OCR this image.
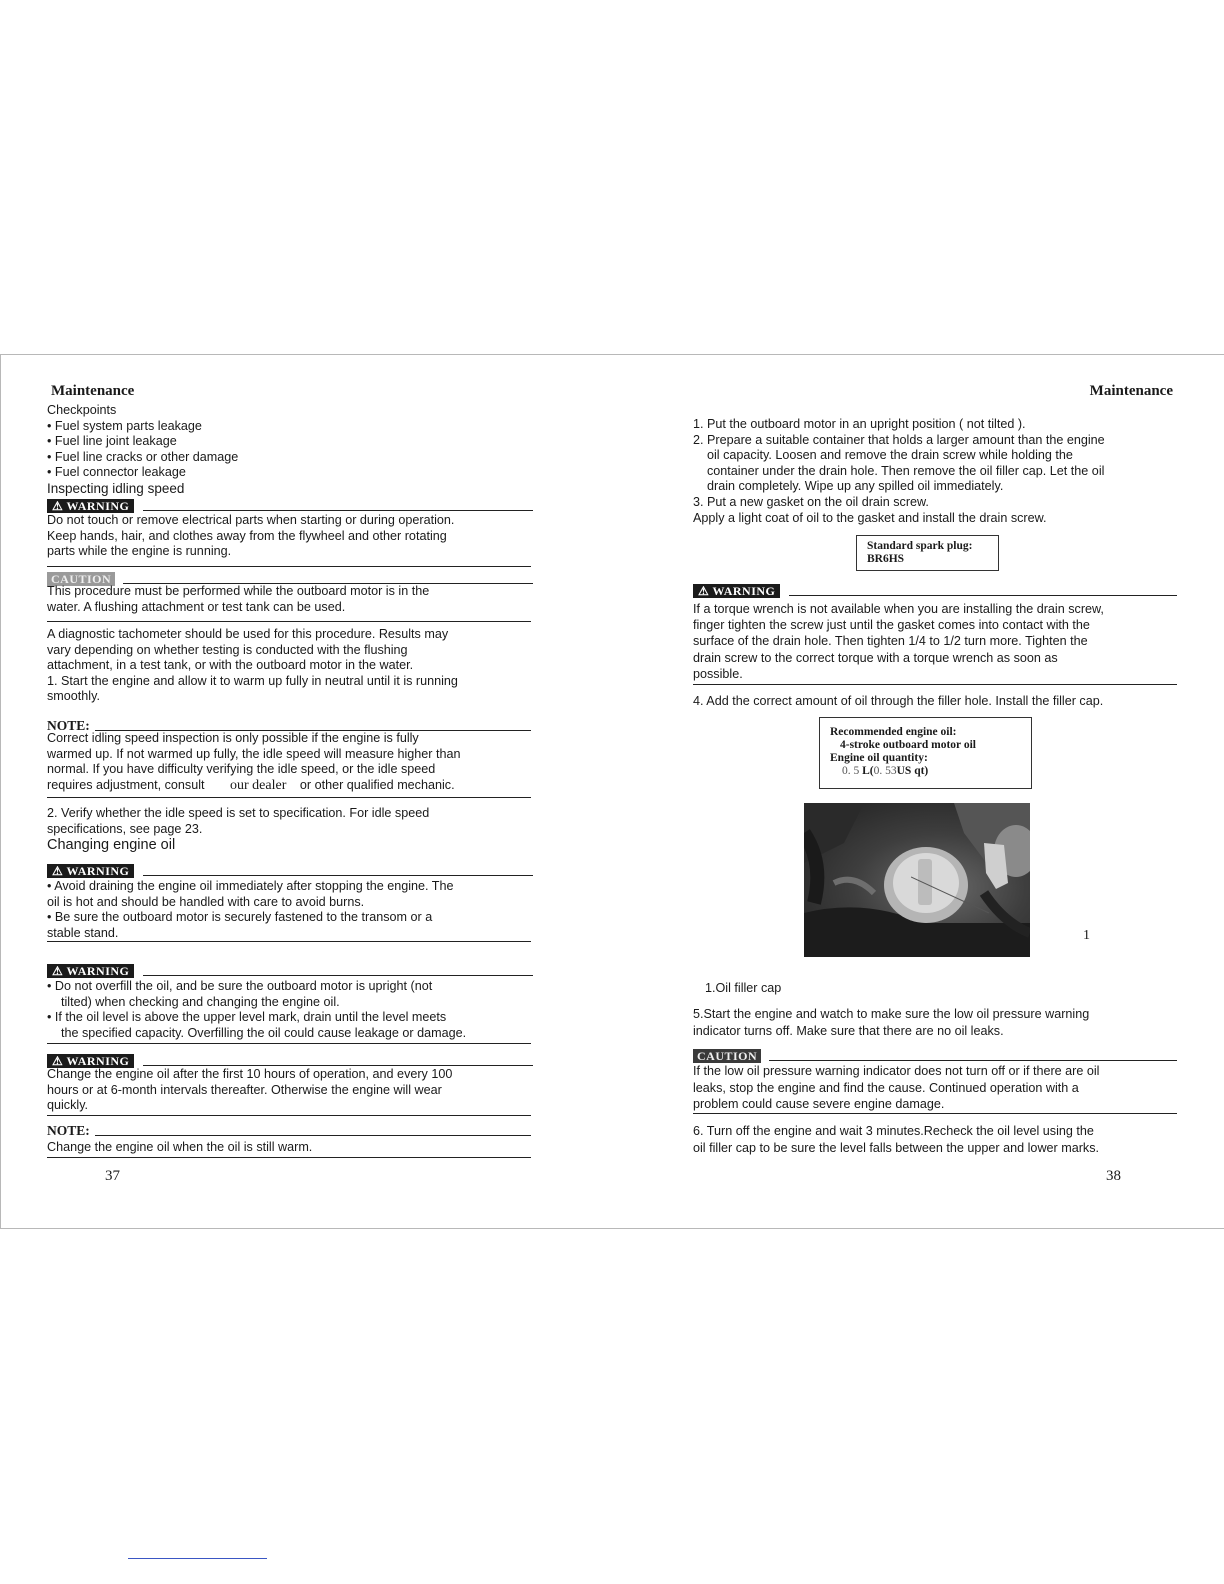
Maintenance

Checkpoints

• Fuel system parts leakage

• Fuel line joint leakage

• Fuel line cracks or other damage

• Fuel connector leakage

Inspecting idling speed

⚠ WARNING

Do not touch or remove electrical parts when starting or during operation.

Keep hands, hair, and clothes away from the flywheel and other rotating

parts while the engine is running.

CAUTION

This procedure must be performed while the outboard motor is in the

water. A flushing attachment or test tank can be used.

A diagnostic tachometer should be used for this procedure. Results may

vary depending on whether testing is conducted with the flushing

attachment, in a test tank, or with the outboard motor in the water.

1. Start the engine and allow it to warm up fully in neutral until it is running

smoothly.

NOTE:

Correct idling speed inspection is only possible if the engine is fully

warmed up. If not warmed up fully, the idle speed will measure higher than

normal. If you have difficulty verifying the idle speed, or the idle speed

requires adjustment, consult our dealer or other qualified mechanic.

2. Verify whether the idle speed is set to specification. For idle speed

specifications, see page 23.

Changing engine oil

⚠ WARNING

• Avoid draining the engine oil immediately after stopping the engine. The

oil is hot and should be handled with care to avoid burns.

• Be sure the outboard motor is securely fastened to the transom or a

stable stand.

⚠ WARNING

• Do not overfill the oil, and be sure the outboard motor is upright (not

tilted) when checking and changing the engine oil.

• If the oil level is above the upper level mark, drain until the level meets

the specified capacity. Overfilling the oil could cause leakage or damage.

⚠ WARNING

Change the engine oil after the first 10 hours of operation, and every 100

hours or at 6-month intervals thereafter. Otherwise the engine will wear

quickly.

NOTE:

Change the engine oil when the oil is still warm.

37
Maintenance

1. Put the outboard motor in an upright position ( not tilted ).

2. Prepare a suitable container that holds a larger amount than the engine

oil capacity. Loosen and remove the drain screw while holding the

container under the drain hole. Then remove the oil filler cap. Let the oil

drain completely. Wipe up any spilled oil immediately.

3. Put a new gasket on the oil drain screw.

Apply a light coat of oil to the gasket and install the drain screw.

Standard spark plug:
BR6HS
⚠ WARNING

If a torque wrench is not available when you are installing the drain screw,

finger tighten the screw just until the gasket comes into contact with the

surface of the drain hole. Then tighten 1/4 to 1/2 turn more. Tighten the

drain screw to the correct torque with a torque wrench as soon as

possible.

4. Add the correct amount of oil through the filler hole. Install the filler cap.

Recommended engine oil:
4-stroke outboard motor oil
Engine oil quantity:
0. 5 L(0. 53US qt)
1

1.Oil filler cap

5.Start the engine and watch to make sure the low oil pressure warning

indicator turns off. Make sure that there are no oil leaks.

CAUTION

If the low oil pressure warning indicator does not turn off or if there are oil

leaks, stop the engine and find the cause. Continued operation with a

problem could cause severe engine damage.

6. Turn off the engine and wait 3 minutes.Recheck the oil level using the

oil filler cap to be sure the level falls between the upper and lower marks.

38
